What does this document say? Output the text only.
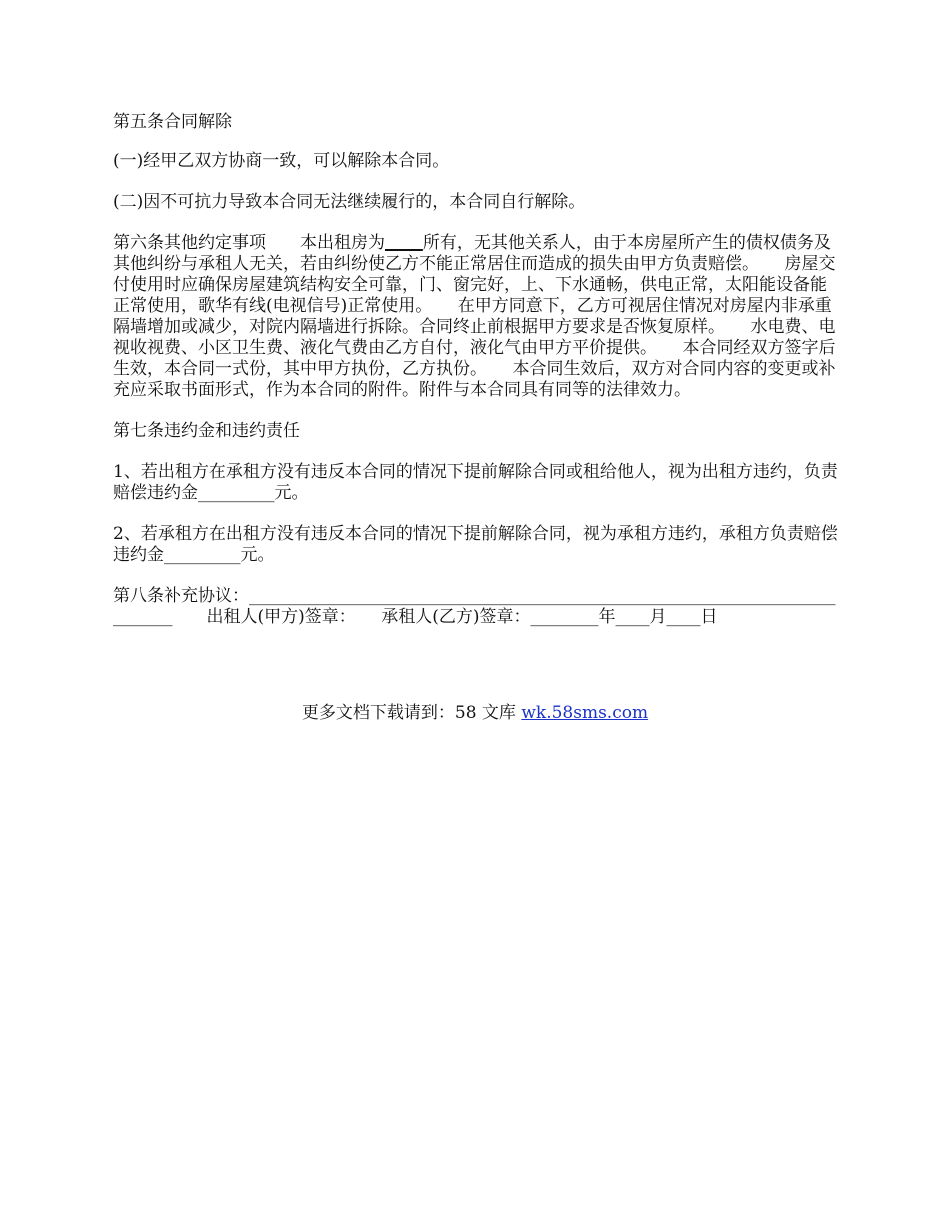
第五条合同解除

(一)经甲乙双方协商一致，可以解除本合同。

(二)因不可抗力导致本合同无法继续履行的，本合同自行解除。

第六条其他约定事项　　本出租房为 所有，无其他关系人，由于本房屋所产生的债权债务及其他纠纷与承租人无关，若由纠纷使乙方不能正常居住而造成的损失由甲方负责赔偿。　　房屋交付使用时应确保房屋建筑结构安全可靠，门、窗完好，上、下水通畅，供电正常，太阳能设备能正常使用，歌华有线(电视信号)正常使用。　　在甲方同意下，乙方可视居住情况对房屋内非承重隔墙增加或减少，对院内隔墙进行拆除。合同终止前根据甲方要求是否恢复原样。　　水电费、电视收视费、小区卫生费、液化气费由乙方自付，液化气由甲方平价提供。　　本合同经双方签字后生效，本合同一式份，其中甲方执份，乙方执份。　　本合同生效后，双方对合同内容的变更或补充应采取书面形式，作为本合同的附件。附件与本合同具有同等的法律效力。

第七条违约金和违约责任

1、若出租方在承租方没有违反本合同的情况下提前解除合同或租给他人，视为出租方违约，负责赔偿违约金_________元。

2、若承租方在出租方没有违反本合同的情况下提前解除合同，视为承租方违约，承租方负责赔偿违约金_________元。

第八条补充协议：____________________________________________________________________________　　出租人(甲方)签章：　　承租人(乙方)签章：________年____月____日

更多文档下载请到：58 文库 wk.58sms.com
